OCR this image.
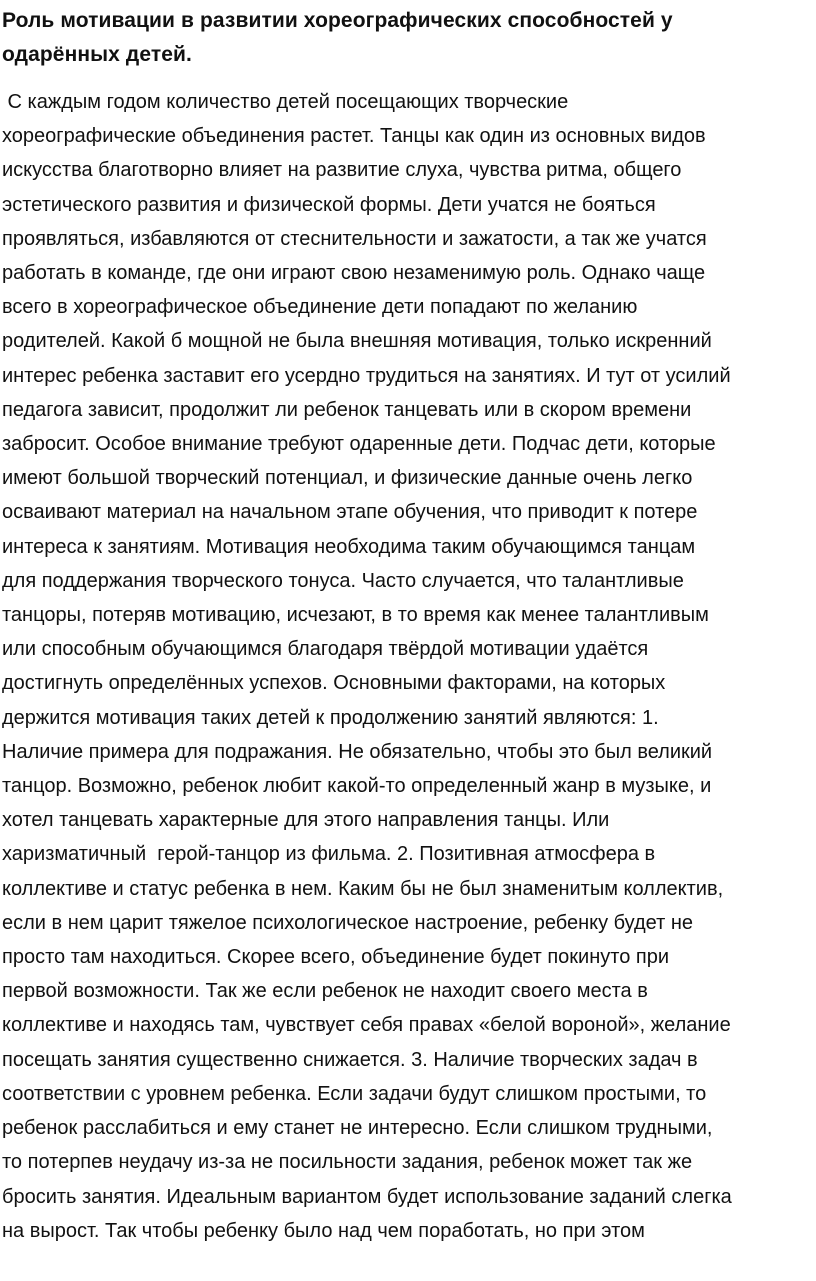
Роль мотивации в развитии хореографических способностей у
одарённых детей.
С каждым годом количество детей посещающих творческие
хореографические объединения растет. Танцы как один из основных видов
искусства благотворно влияет на развитие слуха, чувства ритма, общего
эстетического развития и физической формы. Дети учатся не бояться
проявляться, избавляются от стеснительности и зажатости, а так же учатся
работать в команде, где они играют свою незаменимую роль. Однако чаще
всего в хореографическое объединение дети попадают по желанию
родителей. Какой б мощной не была внешняя мотивация, только искренний
интерес ребенка заставит его усердно трудиться на занятиях. И тут от усилий
педагога зависит, продолжит ли ребенок танцевать или в скором времени
забросит. Особое внимание требуют одаренные дети. Подчас дети, которые
имеют большой творческий потенциал, и физические данные очень легко
осваивают материал на начальном этапе обучения, что приводит к потере
интереса к занятиям. Мотивация необходима таким обучающимся танцам
для поддержания творческого тонуса. Часто случается, что талантливые
танцоры, потеряв мотивацию, исчезают, в то время как менее талантливым
или способным обучающимся благодаря твёрдой мотивации удаётся
достигнуть определённых успехов. Основными факторами, на которых
держится мотивация таких детей к продолжению занятий являются: 1.
Наличие примера для подражания. Не обязательно, чтобы это был великий
танцор. Возможно, ребенок любит какой-то определенный жанр в музыке, и
хотел танцевать характерные для этого направления танцы. Или
харизматичный  герой-танцор из фильма. 2. Позитивная атмосфера в
коллективе и статус ребенка в нем. Каким бы не был знаменитым коллектив,
если в нем царит тяжелое психологическое настроение, ребенку будет не
просто там находиться. Скорее всего, объединение будет покинуто при
первой возможности. Так же если ребенок не находит своего места в
коллективе и находясь там, чувствует себя правах «белой вороной», желание
посещать занятия существенно снижается. 3. Наличие творческих задач в
соответствии с уровнем ребенка. Если задачи будут слишком простыми, то
ребенок расслабиться и ему станет не интересно. Если слишком трудными,
то потерпев неудачу из-за не посильности задания, ребенок может так же
бросить занятия. Идеальным вариантом будет использование заданий слегка
на вырост. Так чтобы ребенку было над чем поработать, но при этом
